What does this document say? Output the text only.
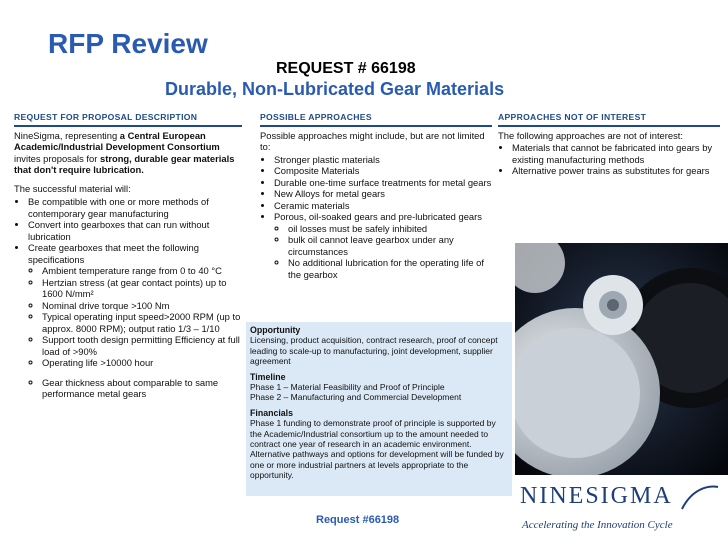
RFP Review
REQUEST # 66198
Durable, Non-Lubricated Gear Materials
REQUEST FOR PROPOSAL DESCRIPTION

NineSigma, representing a Central European Academic/Industrial Development Consortium invites proposals for strong, durable gear materials that don't require lubrication.

The successful material will:

• Be compatible with one or more methods of contemporary gear manufacturing
• Convert into gearboxes that can run without lubrication
• Create gearboxes that meet the following specifications
◦ Ambient temperature range from 0 to 40 °C
◦ Hertzian stress (at gear contact points) up to 1600 N/mm²
◦ Nominal drive torque >100 Nm
◦ Typical operating input speed>2000 RPM (up to approx. 8000 RPM); output ratio 1/3 – 1/10
◦ Support tooth design permitting Efficiency at full load of >90%
◦ Operating life >10000 hour
◦ Gear thickness about comparable to same performance metal gears
POSSIBLE APPROACHES

Possible approaches might include, but are not limited to:

• Stronger plastic materials
• Composite Materials
• Durable one-time surface treatments for metal gears
• New Alloys for metal gears
• Ceramic materials
• Porous, oil-soaked gears and pre-lubricated gears
◦ oil losses must be safely inhibited
◦ bulk oil cannot leave gearbox under any circumstances
◦ No additional lubrication for the operating life of the gearbox
APPROACHES NOT OF INTEREST

The following approaches are not of interest:

• Materials that cannot be fabricated into gears by existing manufacturing methods
• Alternative power trains as substitutes for gears
Opportunity

Licensing, product acquisition, contract research, proof of concept leading to scale-up to manufacturing, joint development, supplier agreement

Timeline

Phase 1 – Material Feasibility and Proof of Principle

Phase 2 – Manufacturing and Commercial Development

Financials

Phase 1 funding to demonstrate proof of principle is supported by the Academic/Industrial consortium up to the amount needed to contract one year of research in an academic environment. Alternative pathways and options for development will be funded by one or more industrial partners at levels appropriate to the opportunity.

Request #66198
NINESIGMA
Accelerating the Innovation Cycle
